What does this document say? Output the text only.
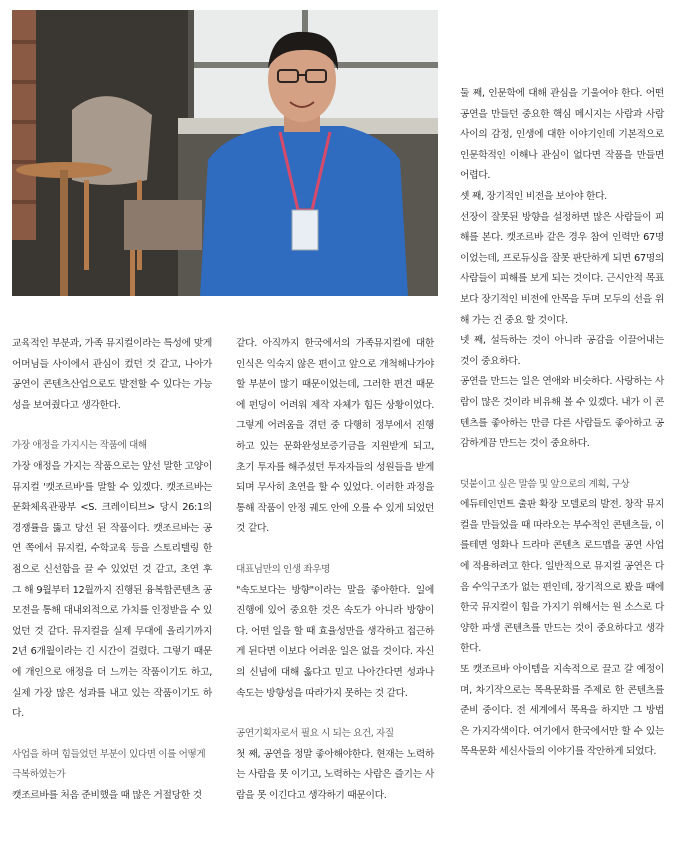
교육적인 부분과, 가족 뮤지컬이라는 특성에 맞게 어머님들 사이에서 관심이 컸던 것 같고, 나아가 공연이 콘텐츠산업으로도 발전할 수 있다는 가능성을 보여줬다고 생각한다.

가장 애정을 가지시는 작품에 대해

가장 애정을 가지는 작품으로는 앞선 말한 고양이뮤지컬 '캣조르바'를 말할 수 있겠다. 캣조르바는 문화체육관광부 <S. 크레이티브> 당시 26:1의 경쟁률을 뚫고 당선 된 작품이다. 캣조르바는 공연 쪽에서 뮤지컬, 수학교육 등을 스토리텔링 한 점으로 신선함을 끌 수 있었던 것 같고, 초연 후 그 해 9월부터 12월까지 진행된 융복합콘텐츠 공모전을 통해 대내외적으로 가치를 인정받을 수 있었던 것 같다. 뮤지컬을 실제 무대에 올리기까지 2년 6개월이라는 긴 시간이 걸렸다. 그렇기 때문에 개인으로 애정을 더 느끼는 작품이기도 하고, 실제 가장 많은 성과를 내고 있는 작품이기도 하다.

사업을 하며 힘들었던 부분이 있다면 이를 어떻게 극복하였는가

캣조르바를 처음 준비했을 때 많은 거절당한 것

같다. 아직까지 한국에서의 가족뮤지컬에 대한 인식은 익숙지 않은 편이고 앞으로 개척해나가야 할 부분이 많기 때문이었는데, 그러한 편견 때문에 펀딩이 어려워 제작 자체가 힘든 상황이었다. 그렇게 어려움을 겪던 중 다행히 정부에서 진행하고 있는 문화완성보증기금을 지원받게 되고, 초기 투자를 해주셨던 투자자들의 성원들을 받게 되며 무사히 초연을 할 수 있었다. 이러한 과정을 통해 작품이 안정 궤도 안에 오를 수 있게 되었던 것 같다.

대표님만의 인생 좌우명

"속도보다는 방향"이라는 말을 좋아한다. 일에 진행에 있어 중요한 것은 속도가 아니라 방향이다. 어떤 일을 할 때 효율성만을 생각하고 접근하게 된다면 이보다 어려운 일은 없을 것이다. 자신의 신념에 대해 옳다고 믿고 나아간다면 성과나 속도는 방향성을 따라가지 못하는 것 같다.

공연기획자로서 필요 시 되는 요건, 자질

첫 째, 공연을 정말 좋아해야한다. 현재는 노력하는 사람을 못 이기고, 노력하는 사람은 즐기는 사람을 못 이긴다고 생각하기 때문이다.

둘 째, 인문학에 대해 관심을 기울여야 한다. 어떤 공연을 만들던 중요한 핵심 메시지는 사람과 사람 사이의 감정, 인생에 대한 이야기인데 기본적으로 인문학적인 이해나 관심이 없다면 작품을 만들면 어렵다.

셋 째, 장기적인 비전을 보아야 한다.

선장이 잘못된 방향을 설정하면 많은 사람들이 피해를 본다. 캣조르바 같은 경우 참여 인력만 67명이었는데, 프로듀싱을 잘못 판단하게 되면 67명의 사람들이 피해를 보게 되는 것이다. 근시안적 목표보다 장기적인 비전에 안목을 두며 모두의 선을 위해 가는 건 중요 할 것이다.

넷 째, 설득하는 것이 아니라 공감을 이끌어내는 것이 중요하다.

공연을 만드는 일은 연애와 비슷하다. 사랑하는 사람이 많은 것이라 비유해 볼 수 있겠다. 내가 이 콘텐츠를 좋아하는 만큼 다른 사람들도 좋아하고 공감하게끔 만드는 것이 중요하다.

덧붙이고 싶은 말씀 및 앞으로의 계획, 구상

에듀테인먼트 출판 확장 모델로의 발전. 창작 뮤지컬을 만들었을 때 따라오는 부수적인 콘텐츠들, 이를테면 영화나 드라마 콘텐츠 로드맵을 공연 사업에 적용하려고 한다. 일반적으로 뮤지컬 공연은 다음 수익구조가 없는 편인데, 장기적으로 봤을 때에 한국 뮤지컬이 힘을 가지기 위해서는 원 소스로 다양한 파생 콘텐츠를 만드는 것이 중요하다고 생각한다.

또 캣조르바 아이템을 지속적으로 끌고 갈 예정이며, 차기작으로는 목욕문화를 주제로 한 콘텐츠를 준비 중이다. 전 세계에서 목욕을 하지만 그 방법은 가지각색이다. 여기에서 한국에서만 할 수 있는 목욕문화 세신사들의 이야기를 작안하게 되었다.
